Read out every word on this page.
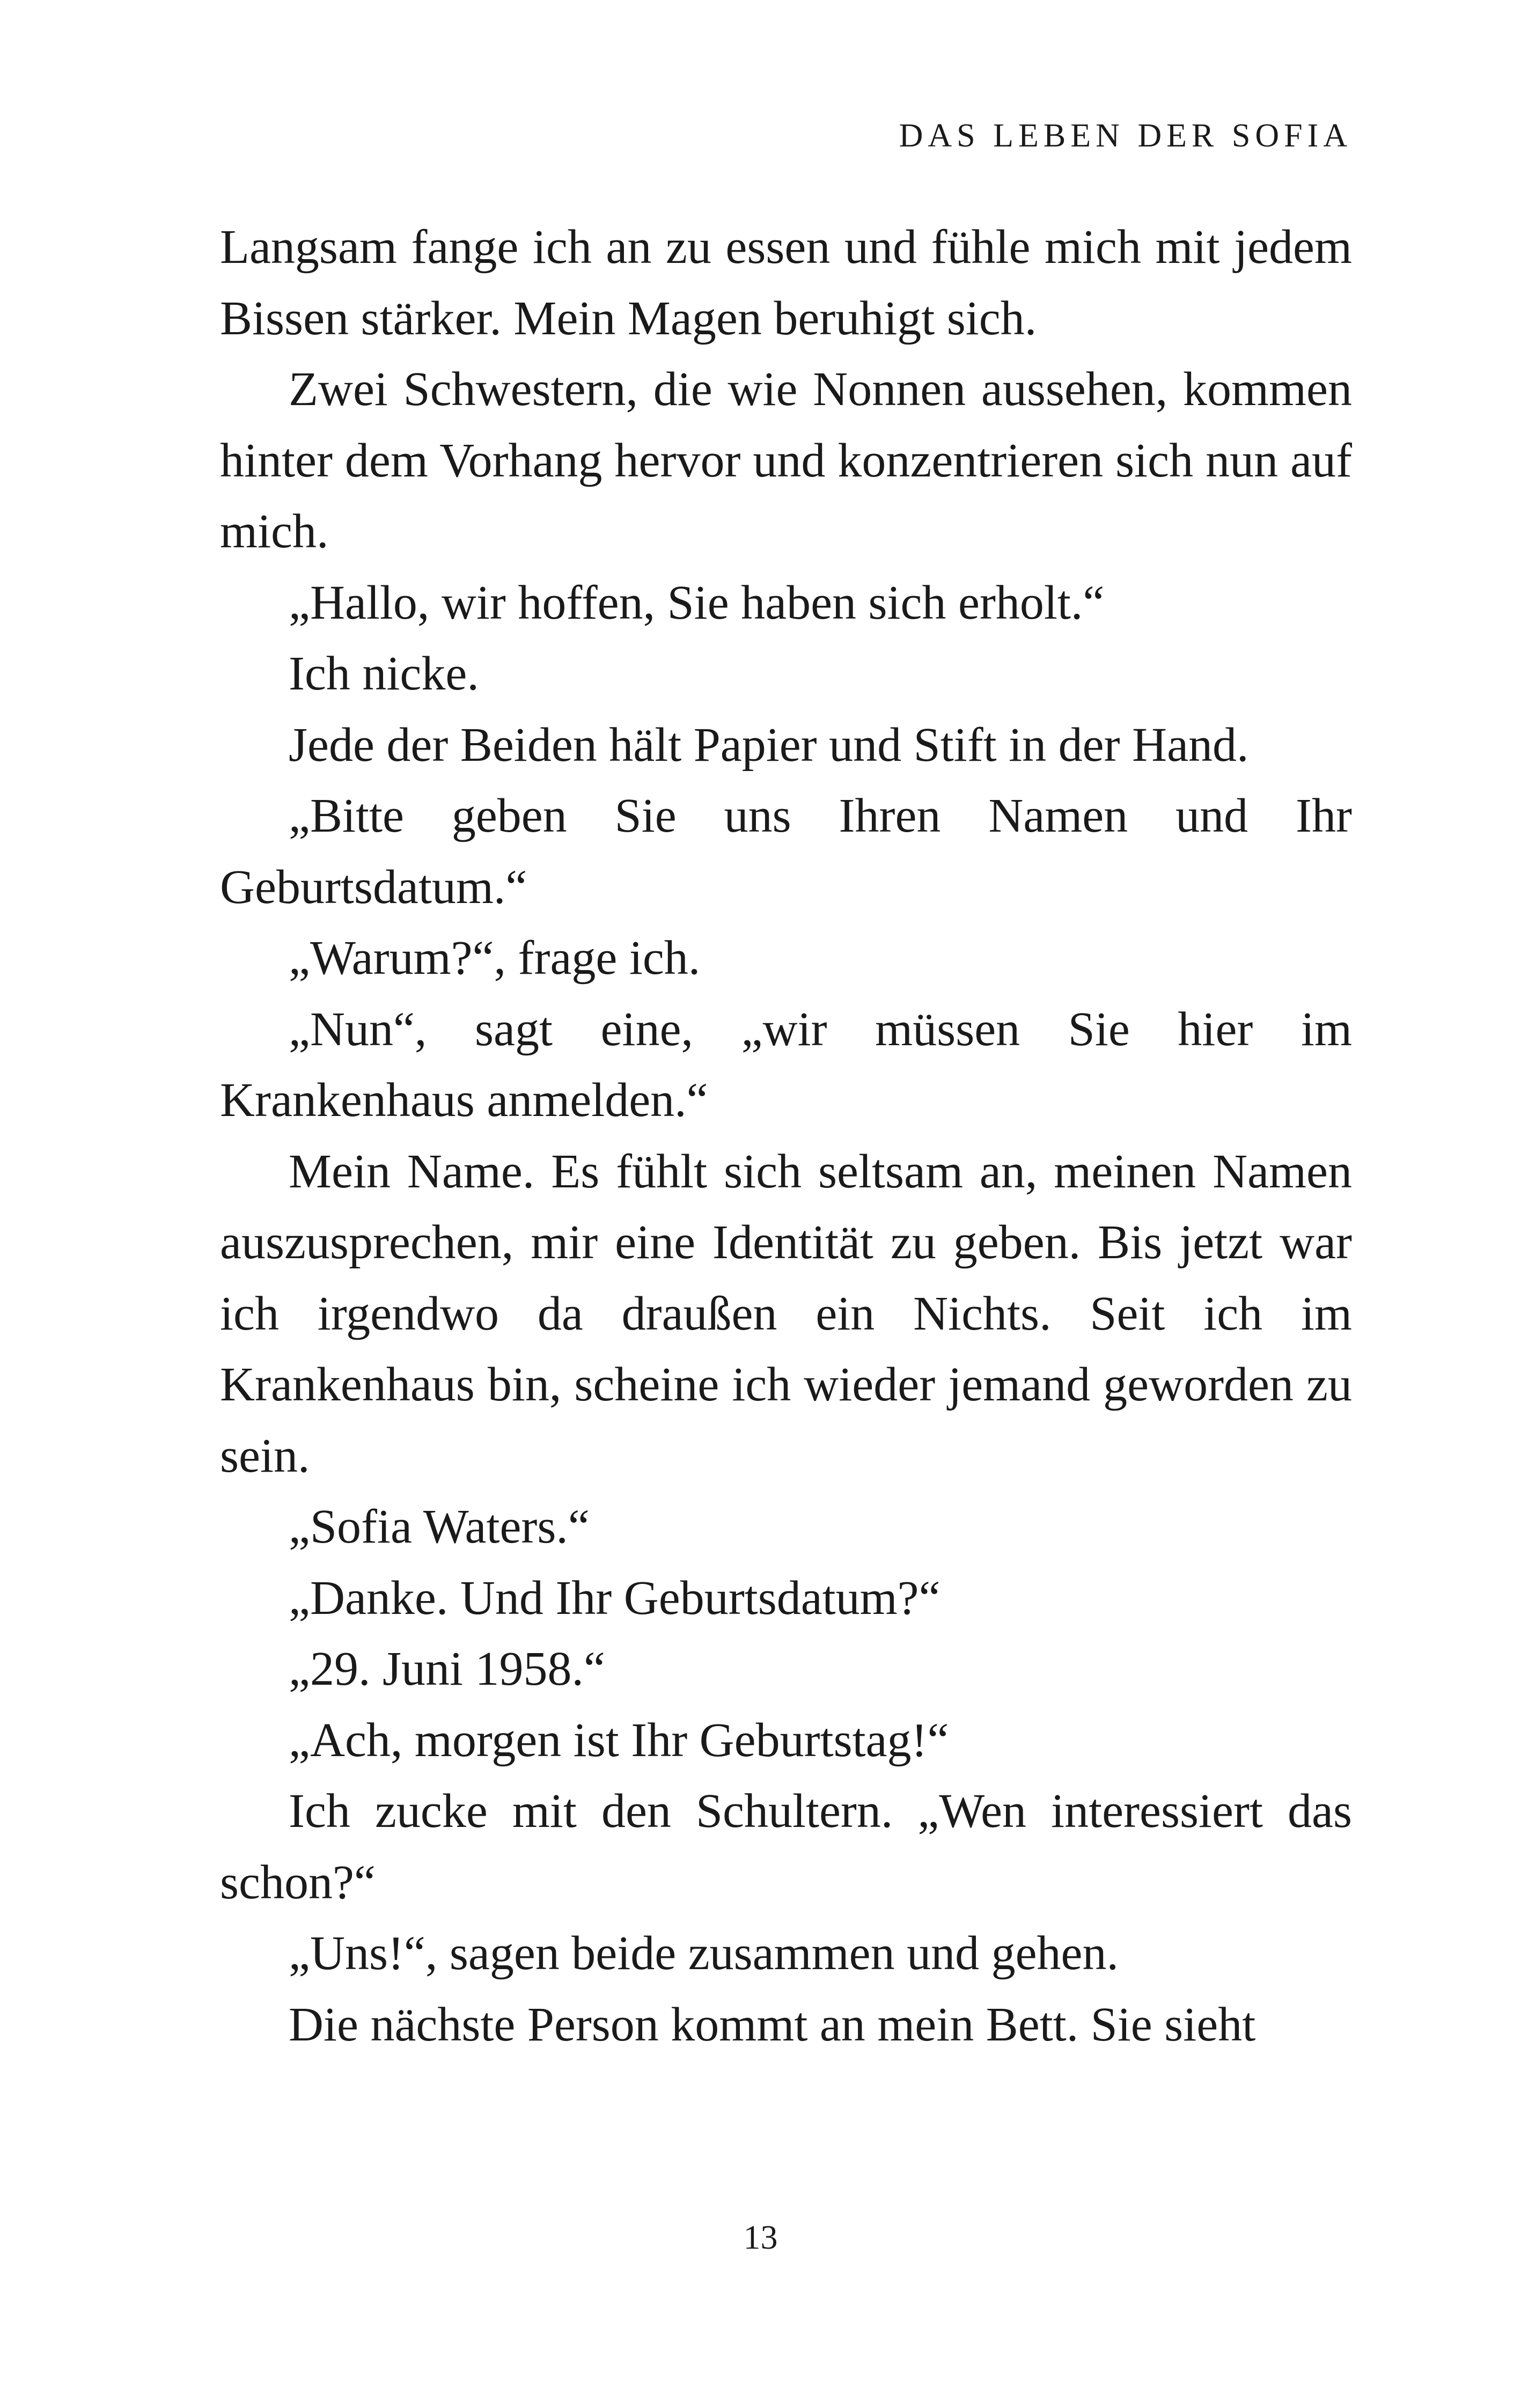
DAS LEBEN DER SOFIA

Langsam fange ich an zu essen und fühle mich mit jedem Bissen stärker. Mein Magen beruhigt sich.

Zwei Schwestern, die wie Nonnen aussehen, kommen hinter dem Vorhang hervor und konzentrieren sich nun auf mich.

„Hallo, wir hoffen, Sie haben sich erholt.“

Ich nicke.

Jede der Beiden hält Papier und Stift in der Hand.

„Bitte geben Sie uns Ihren Namen und Ihr Geburtsdatum.“

„Warum?“, frage ich.

„Nun“, sagt eine, „wir müssen Sie hier im Krankenhaus anmelden.“

Mein Name. Es fühlt sich seltsam an, meinen Namen auszusprechen, mir eine Identität zu geben. Bis jetzt war ich irgendwo da draußen ein Nichts. Seit ich im Krankenhaus bin, scheine ich wieder jemand geworden zu sein.

„Sofia Waters.“

„Danke. Und Ihr Geburtsdatum?“

„29. Juni 1958.“

„Ach, morgen ist Ihr Geburtstag!“

Ich zucke mit den Schultern. „Wen interessiert das schon?“

„Uns!“, sagen beide zusammen und gehen.

Die nächste Person kommt an mein Bett. Sie sieht

13
